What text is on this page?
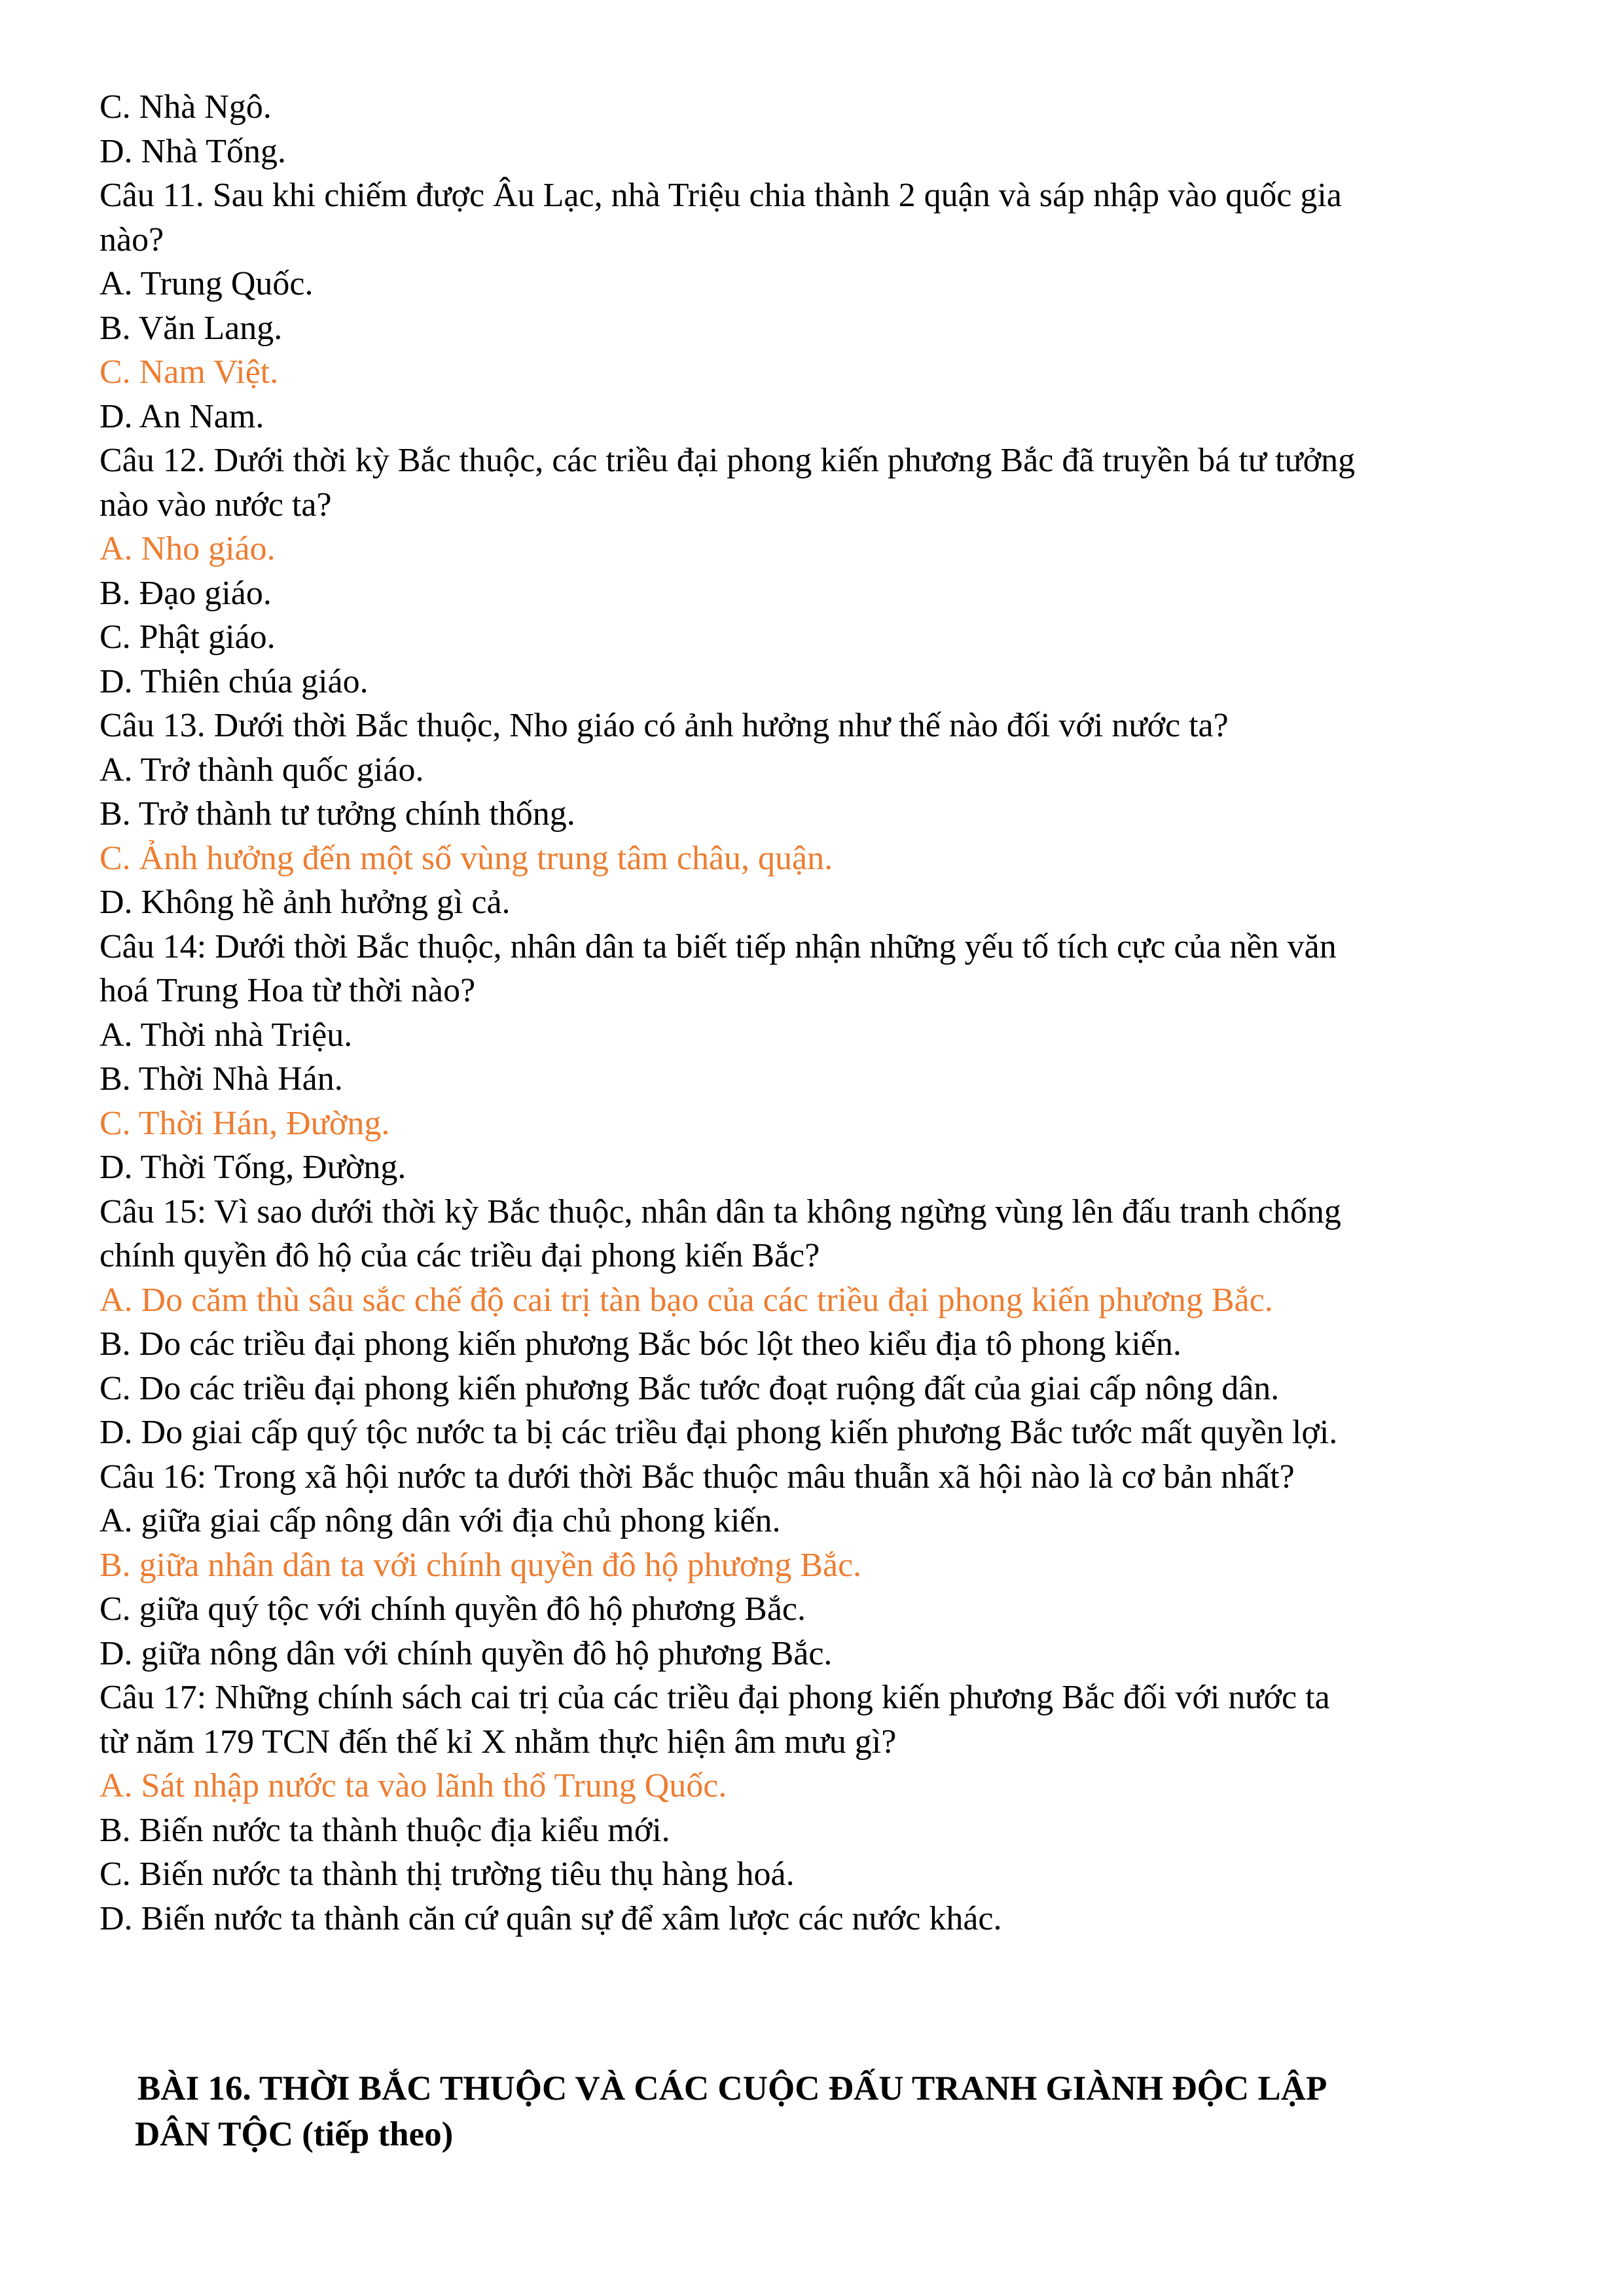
C. Nhà Ngô.
D. Nhà Tống.
Câu 11. Sau khi chiếm được Âu Lạc, nhà Triệu chia thành 2 quận và sáp nhập vào quốc gia
nào?
A. Trung Quốc.
B. Văn Lang.
C. Nam Việt.
D. An Nam.
Câu 12. Dưới thời kỳ Bắc thuộc, các triều đại phong kiến phương Bắc đã truyền bá tư tưởng
nào vào nước ta?
A. Nho giáo.
B. Đạo giáo.
C. Phật giáo.
D. Thiên chúa giáo.
Câu 13. Dưới thời Bắc thuộc, Nho giáo có ảnh hưởng như thế nào đối với nước ta?
A. Trở thành quốc giáo.
B. Trở thành tư tưởng chính thống.
C. Ảnh hưởng đến một số vùng trung tâm châu, quận.
D. Không hề ảnh hưởng gì cả.
Câu 14: Dưới thời Bắc thuộc, nhân dân ta biết tiếp nhận những yếu tố tích cực của nền văn
hoá Trung Hoa từ thời nào?
A. Thời nhà Triệu.
B. Thời Nhà Hán.
C. Thời Hán, Đường.
D. Thời Tống, Đường.
Câu 15: Vì sao dưới thời kỳ Bắc thuộc, nhân dân ta không ngừng vùng lên đấu tranh chống
chính quyền đô hộ của các triều đại phong kiến Bắc?
A. Do căm thù sâu sắc chế độ cai trị tàn bạo của các triều đại phong kiến phương Bắc.
B. Do các triều đại phong kiến phương Bắc bóc lột theo kiểu địa tô phong kiến.
C. Do các triều đại phong kiến phương Bắc tước đoạt ruộng đất của giai cấp nông dân.
D. Do giai cấp quý tộc nước ta bị các triều đại phong kiến phương Bắc tước mất quyền lợi.
Câu 16: Trong xã hội nước ta dưới thời Bắc thuộc mâu thuẫn xã hội nào là cơ bản nhất?
A. giữa giai cấp nông dân với địa chủ phong kiến.
B. giữa nhân dân ta với chính quyền đô hộ phương Bắc.
C. giữa quý tộc với chính quyền đô hộ phương Bắc.
D. giữa nông dân với chính quyền đô hộ phương Bắc.
Câu 17: Những chính sách cai trị của các triều đại phong kiến phương Bắc đối với nước ta
từ năm 179 TCN đến thế kỉ X nhằm thực hiện âm mưu gì?
A. Sát nhập nước ta vào lãnh thổ Trung Quốc.
B. Biến nước ta thành thuộc địa kiểu mới.
C. Biến nước ta thành thị trường tiêu thụ hàng hoá.
D. Biến nước ta thành căn cứ quân sự để xâm lược các nước khác.
BÀI 16. THỜI BẮC THUỘC VÀ CÁC CUỘC ĐẤU TRANH GIÀNH ĐỘC LẬP
DÂN TỘC (tiếp theo)
